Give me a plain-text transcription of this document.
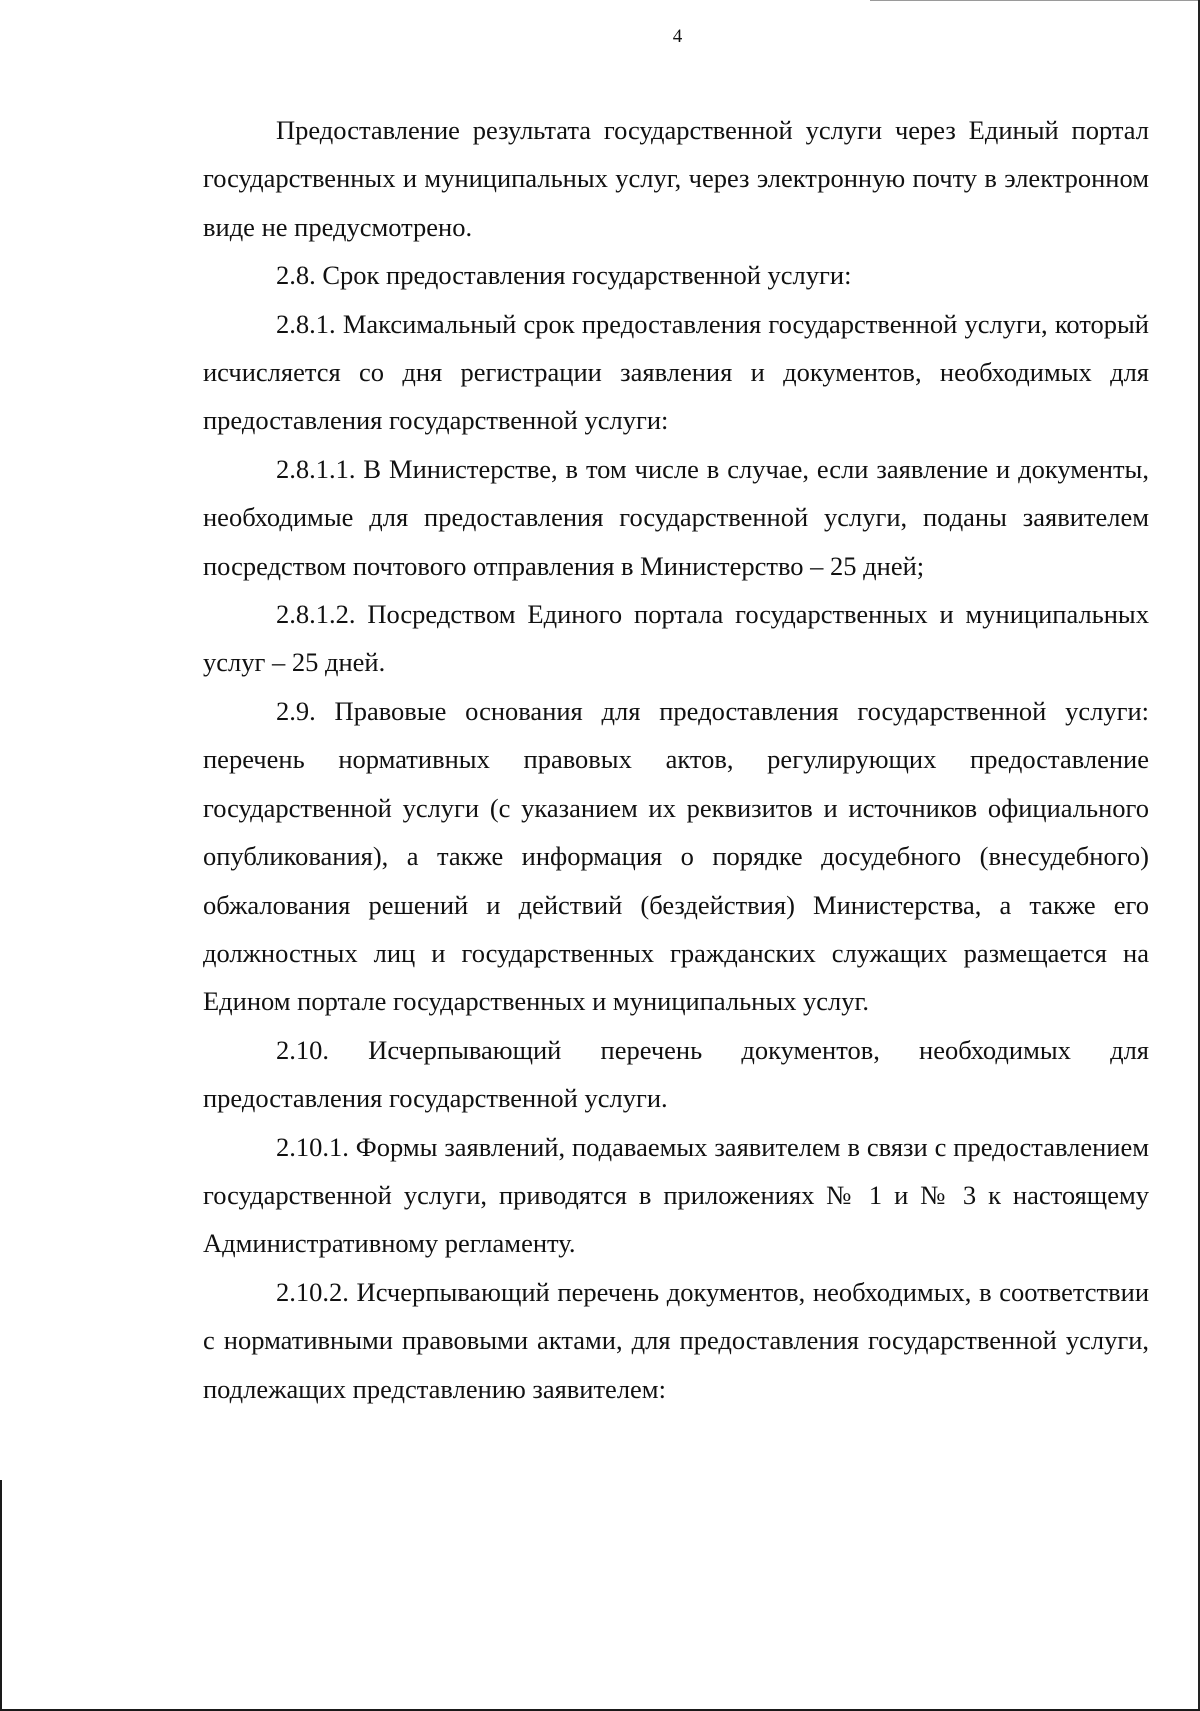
4

Предоставление результата государственной услуги через Единый портал государственных и муниципальных услуг, через электронную почту в электронном виде не предусмотрено.

2.8. Срок предоставления государственной услуги:

2.8.1. Максимальный срок предоставления государственной услуги, который исчисляется со дня регистрации заявления и документов, необходимых для предоставления государственной услуги:

2.8.1.1. В Министерстве, в том числе в случае, если заявление и документы, необходимые для предоставления государственной услуги, поданы заявителем посредством почтового отправления в Министерство – 25 дней;

2.8.1.2. Посредством Единого портала государственных и муниципальных услуг – 25 дней.

2.9. Правовые основания для предоставления государственной услуги: перечень нормативных правовых актов, регулирующих предоставление государственной услуги (с указанием их реквизитов и источников официального опубликования), а также информация о порядке досудебного (внесудебного) обжалования решений и действий (бездействия) Министерства, а также его должностных лиц и государственных гражданских служащих размещается на Едином портале государственных и муниципальных услуг.

2.10. Исчерпывающий перечень документов, необходимых для предоставления государственной услуги.

2.10.1. Формы заявлений, подаваемых заявителем в связи с предоставлением государственной услуги, приводятся в приложениях № 1 и № 3 к настоящему Административному регламенту.

2.10.2. Исчерпывающий перечень документов, необходимых, в соответствии с нормативными правовыми актами, для предоставления государственной услуги, подлежащих представлению заявителем:
